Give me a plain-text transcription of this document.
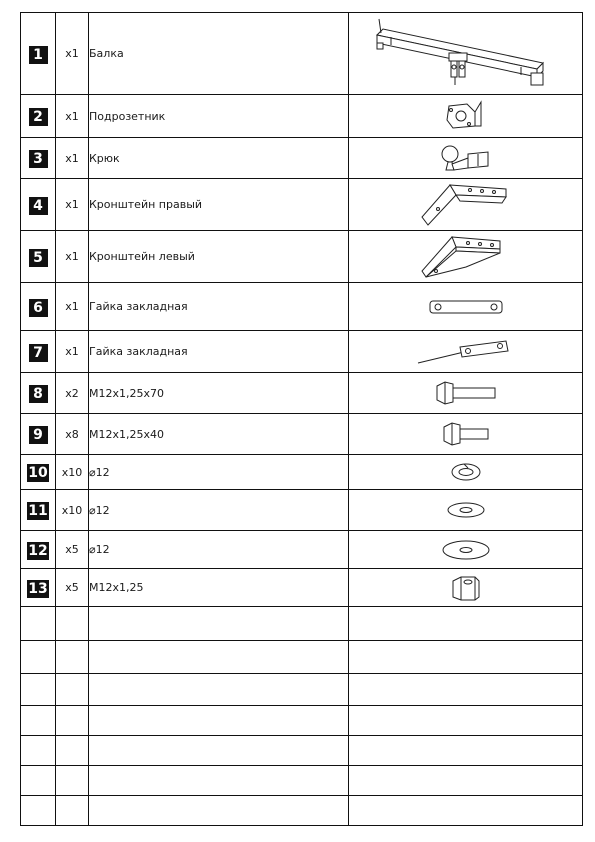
1	x1	Балка	

2	x1	Подрозетник	

3	x1	Крюк	

4	x1	Кронштейн правый	

5	x1	Кронштейн левый	

6	x1	Гайка закладная	

7	x1	Гайка закладная	

8	x2	M12x1,25x70	

9	x8	M12x1,25x40	

10	x10	⌀12	

11	x10	⌀12	

12	x5	⌀12	

13	x5	M12x1,25	
